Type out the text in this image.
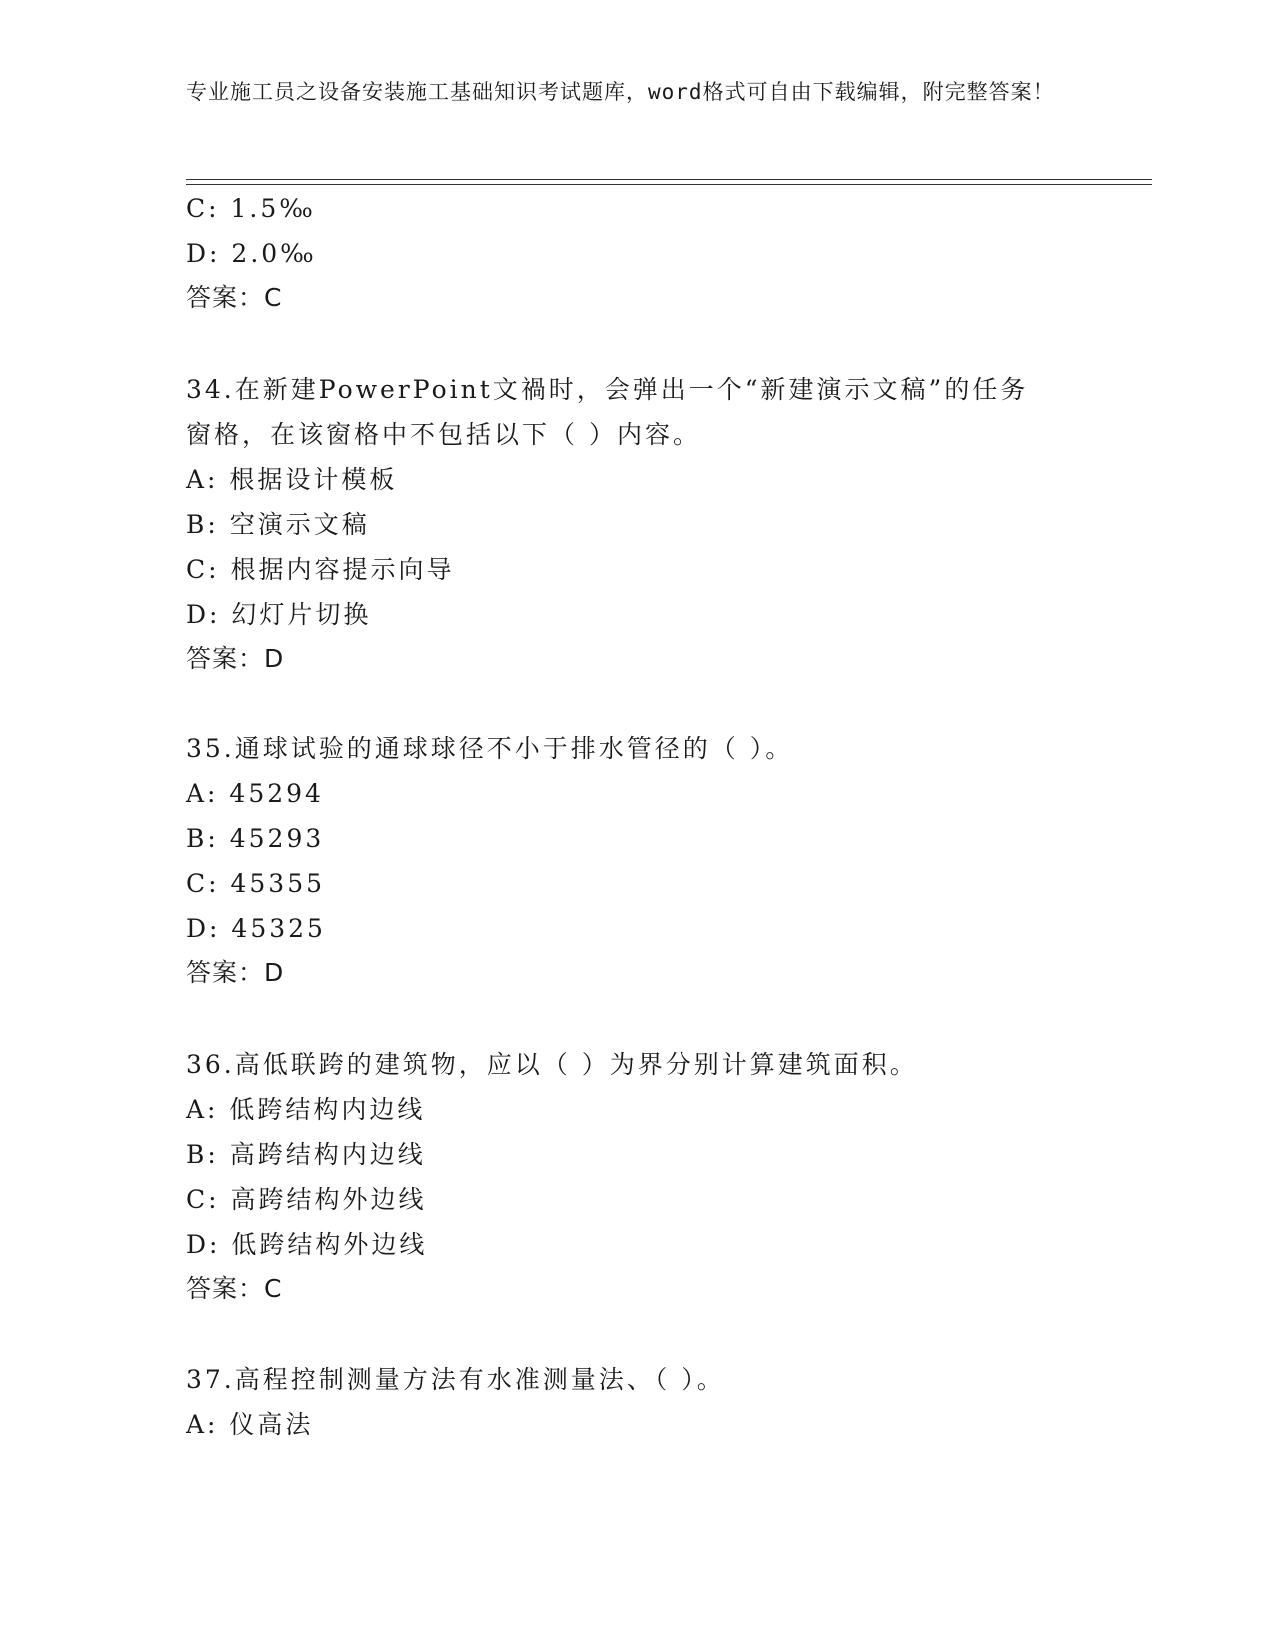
专业施工员之设备安装施工基础知识考试题库，word格式可自由下载编辑，附完整答案！
C: 1.5‰
D: 2.0‰
答案：C
34.在新建PowerPoint文禍时，会弹出一个“新建演示文稿”的任务
窗格，在该窗格中不包括以下（ ）内容。
A: 根据设计模板
B: 空演示文稿
C: 根据内容提示向导
D: 幻灯片切换
答案：D
35.通球试验的通球球径不小于排水管径的（ ）。
A: 45294
B: 45293
C: 45355
D: 45325
答案：D
36.高低联跨的建筑物，应以（ ）为界分别计算建筑面积。
A: 低跨结构内边线
B: 高跨结构内边线
C: 高跨结构外边线
D: 低跨结构外边线
答案：C
37.高程控制测量方法有水准测量法、（ ）。
A: 仪高法
